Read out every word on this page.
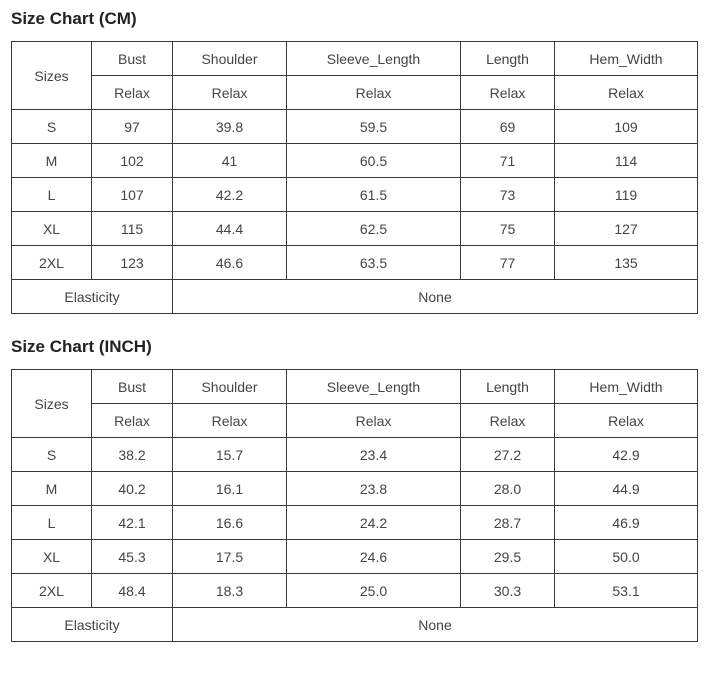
Size Chart (CM)
Sizes	Bust	Shoulder	Sleeve_Length	Length	Hem_Width
	Relax	Relax	Relax	Relax	Relax
S	97	39.8	59.5	69	109
M	102	41	60.5	71	114
L	107	42.2	61.5	73	119
XL	115	44.4	62.5	75	127
2XL	123	46.6	63.5	77	135
Elasticity		None			
Size Chart (INCH)
Sizes	Bust	Shoulder	Sleeve_Length	Length	Hem_Width
	Relax	Relax	Relax	Relax	Relax
S	38.2	15.7	23.4	27.2	42.9
M	40.2	16.1	23.8	28.0	44.9
L	42.1	16.6	24.2	28.7	46.9
XL	45.3	17.5	24.6	29.5	50.0
2XL	48.4	18.3	25.0	30.3	53.1
Elasticity		None			
